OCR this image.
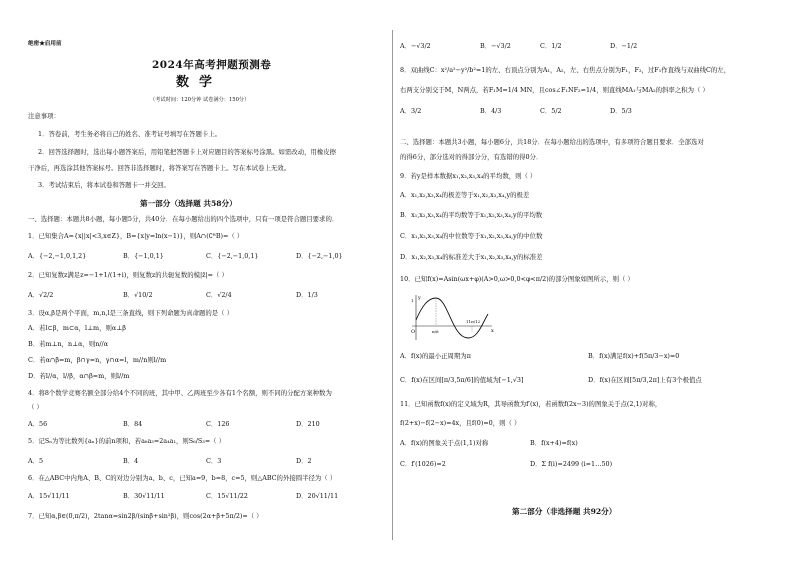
绝密★启用前
2024年高考押题预测卷
数学
（考试时间：120分钟 试卷满分：150分）
注意事项：
1．答卷前，考生务必将自己的姓名、准考证号填写在答题卡上。
2．回答选择题时，选出每小题答案后，用铅笔把答题卡上对应题目的答案标号涂黑。如需改动，用橡皮擦
干净后，再选涂其他答案标号。回答非选择题时，将答案写在答题卡上。写在本试卷上无效。
3．考试结束后，将本试卷和答题卡一并交回。
第一部分（选择题 共58分）
一、选择题：本题共8小题，每小题5分，共40分．在每小题给出的四个选项中，只有一项是符合题目要求的．
1．已知集合A={x||x|<3,x∈Z}，B={x|y=ln(x−1)}，则A∩(∁ᴿB)=（ ）
A．{−2,−1,0,1,2}	B．{−1,0,1}	C．{−2,−1,0,1}	D．{−2,−1,0}
2．已知复数z满足z=−1+1/(1+i)，则复数z的共轭复数的模|z̄|=（ ）
A．√2/2	B．√10/2	C．√2/4	D．1/3
3．设α,β是两个平面，m,n,l是三条直线，则下列命题为真命题的是（ ）
A．若l⊂β，m⊂α，l⊥m，则α⊥β
B．若m⊥n，n⊥α，则n//α
C．若α∩β=m，β∩γ=n，γ∩α=l，m//n则l//m
D．若l//α，l//β，α∩β=m，则l//m
4．将8个数学竞赛名额全部分给4个不同的班，其中甲、乙两班至少各有1个名额，则不同的分配方案种数为
（ ）
A．56	B．84	C．126	D．210
5．记Sₙ为等比数列{aₙ}的前n项和，若a₆a₃=2a₄a₁，则S₆/S₃=（ ）
A．5	B．4	C．3	D．2
6．在△ABC中内角A、B、C的对边分别为a、b、c，已知a=9，b=8，c=5，则△ABC的外接圆半径为（ ）
A．15√11/11	B．30√11/11	C．15√11/22	D．20√11/11
7．已知α,β∈(0,π/2)，2tanα=sin2β/(sinβ+sin²β)，则cos(2α+β+5π/2)=（ ）
A．−√3/2	B．−√3/2	C．1/2	D．−1/2
8．双曲线C：x²/a²−y²/b²=1的左、右顶点分别为A₁，A₂，左、右焦点分别为F₁，F₂，过F₁作直线与双曲线C的左，
右两支分别交于M，N两点，若F₁M=1/4 MN，且cos∠F₁NF₂=1/4，则直线MA₁与MA₂的斜率之积为（ ）
A．3/2	B．4/3	C．5/2	D．5/3
二、选择题：本题共3小题，每小题6分，共18分．在每小题给出的选项中，有多项符合题目要求．全部选对
的得6分，部分选对的得部分分，有选错的得0分．
9．若y是样本数据x₁,x₂,x₃,x₄的平均数，则（ ）
A．x₁,x₂,x₃,x₄的极差等于x₁,x₂,x₃,x₄,y的极差
B．x₁,x₂,x₃,x₄的平均数等于x₁,x₂,x₃,x₄,y的平均数
C．x₁,x₂,x₃,x₄的中位数等于x₁,x₂,x₃,x₄,y的中位数
D．x₁,x₂,x₃,x₄的标准差大于x₁,x₂,x₃,x₄,y的标准差
10．已知f(x)=Asin(ωx+φ)(A>0,ω>0,0<φ<π/2)的部分图象如图所示，则（ ）
y
x
O	π/6
11π/12
1
A．f(x)的最小正周期为π	B．f(x)满足f(x)+f(5π/3−x)=0
C．f(x)在区间[π/3,5π/6]的值域为[−1,√3]	D．f(x)在区间[5π/3,2π]上有3个极值点
11．已知函数f(x)的定义域为R，其导函数为f′(x)，若函数f(2x−3)的图象关于点(2,1)对称，
f(2+x)−f(2−x)=4x，且f(0)=0，则（ ）
A．f(x)的图象关于点(1,1)对称	B．f(x+4)=f(x)
C．f′(1026)=2	D．Σ f(i)=2499 (i=1…50)
第二部分（非选择题 共92分）
